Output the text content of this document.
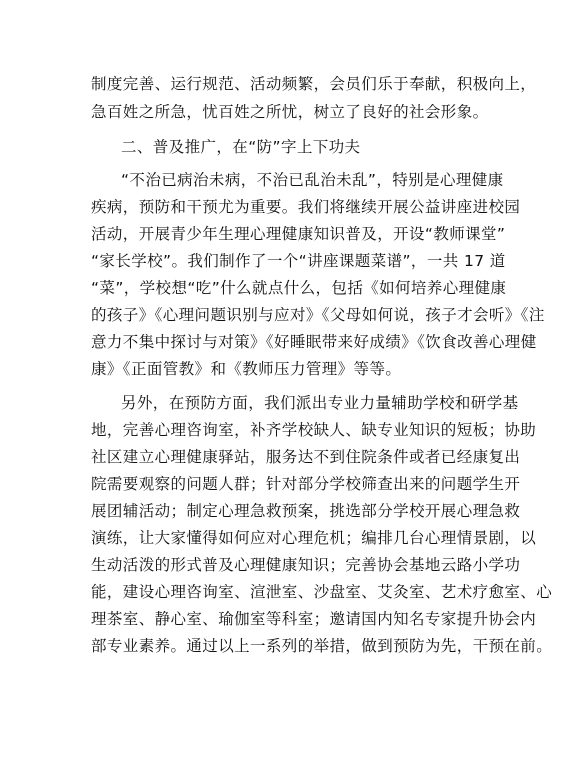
制度完善、运行规范、活动频繁，会员们乐于奉献，积极向上，
急百姓之所急，忧百姓之所忧，树立了良好的社会形象。
二、普及推广，在“防”字上下功夫
“不治已病治未病，不治已乱治未乱”，特别是心理健康
疾病，预防和干预尤为重要。我们将继续开展公益讲座进校园
活动，开展青少年生理心理健康知识普及，开设“教师课堂”
“家长学校”。我们制作了一个“讲座课题菜谱”，一共 17 道
“菜”，学校想“吃”什么就点什么，包括《如何培养心理健康
的孩子》《心理问题识别与应对》《父母如何说，孩子才会听》《注
意力不集中探讨与对策》《好睡眠带来好成绩》《饮食改善心理健
康》《正面管教》和《教师压力管理》等等。
另外，在预防方面，我们派出专业力量辅助学校和研学基
地，完善心理咨询室，补齐学校缺人、缺专业知识的短板；协助
社区建立心理健康驿站，服务达不到住院条件或者已经康复出
院需要观察的问题人群；针对部分学校筛查出来的问题学生开
展团辅活动；制定心理急救预案，挑选部分学校开展心理急救
演练，让大家懂得如何应对心理危机；编排几台心理情景剧，以
生动活泼的形式普及心理健康知识；完善协会基地云路小学功
能，建设心理咨询室、渲泄室、沙盘室、艾灸室、艺术疗愈室、心
理茶室、静心室、瑜伽室等科室；邀请国内知名专家提升协会内
部专业素养。通过以上一系列的举措，做到预防为先，干预在前。
